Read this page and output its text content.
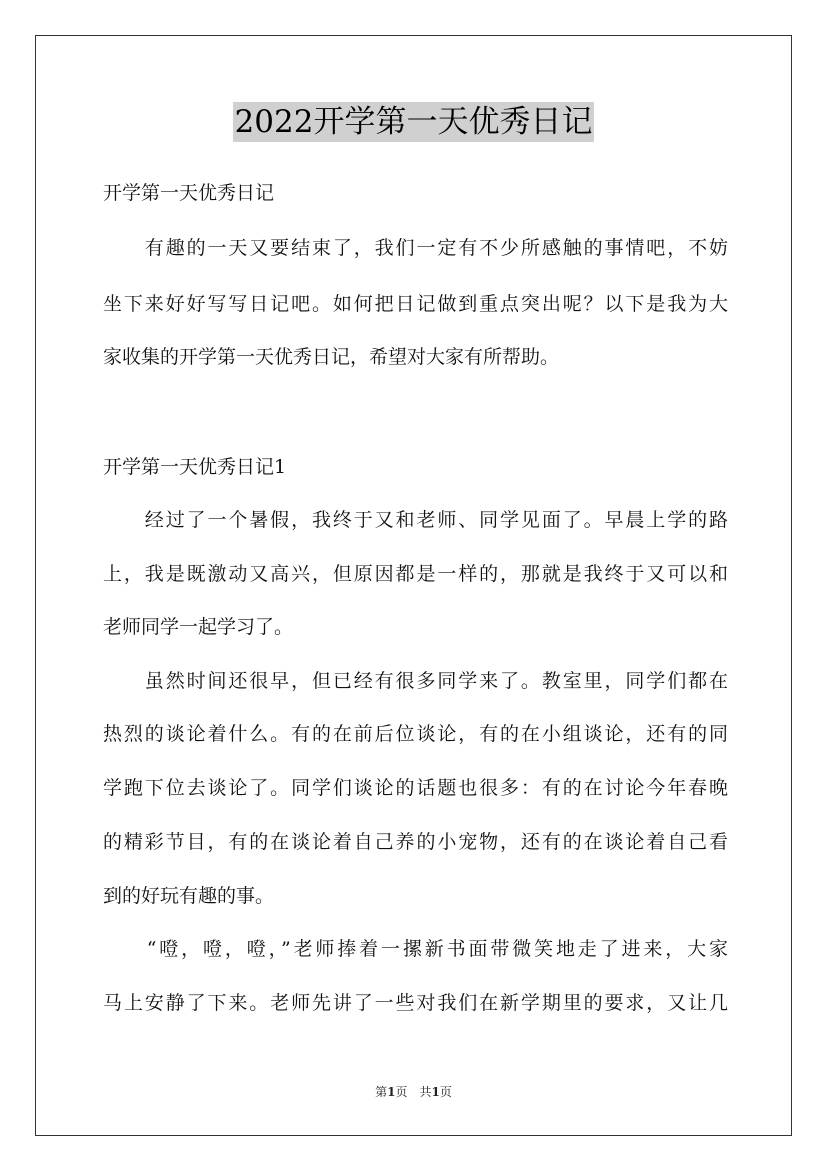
2022开学第一天优秀日记
开学第一天优秀日记
　　有趣的一天又要结束了，我们一定有不少所感触的事情吧，不妨
坐下来好好写写日记吧。如何把日记做到重点突出呢？以下是我为大
家收集的开学第一天优秀日记，希望对大家有所帮助。
开学第一天优秀日记1
　　经过了一个暑假，我终于又和老师、同学见面了。早晨上学的路
上，我是既激动又高兴，但原因都是一样的，那就是我终于又可以和
老师同学一起学习了。
　　虽然时间还很早，但已经有很多同学来了。教室里，同学们都在
热烈的谈论着什么。有的在前后位谈论，有的在小组谈论，还有的同
学跑下位去谈论了。同学们谈论的话题也很多：有的在讨论今年春晚
的精彩节目，有的在谈论着自己养的小宠物，还有的在谈论着自己看
到的好玩有趣的事。
　　“噔，噔，噔，”老师捧着一摞新书面带微笑地走了进来，大家
马上安静了下来。老师先讲了一些对我们在新学期里的要求，又让几
第1页　共1页
